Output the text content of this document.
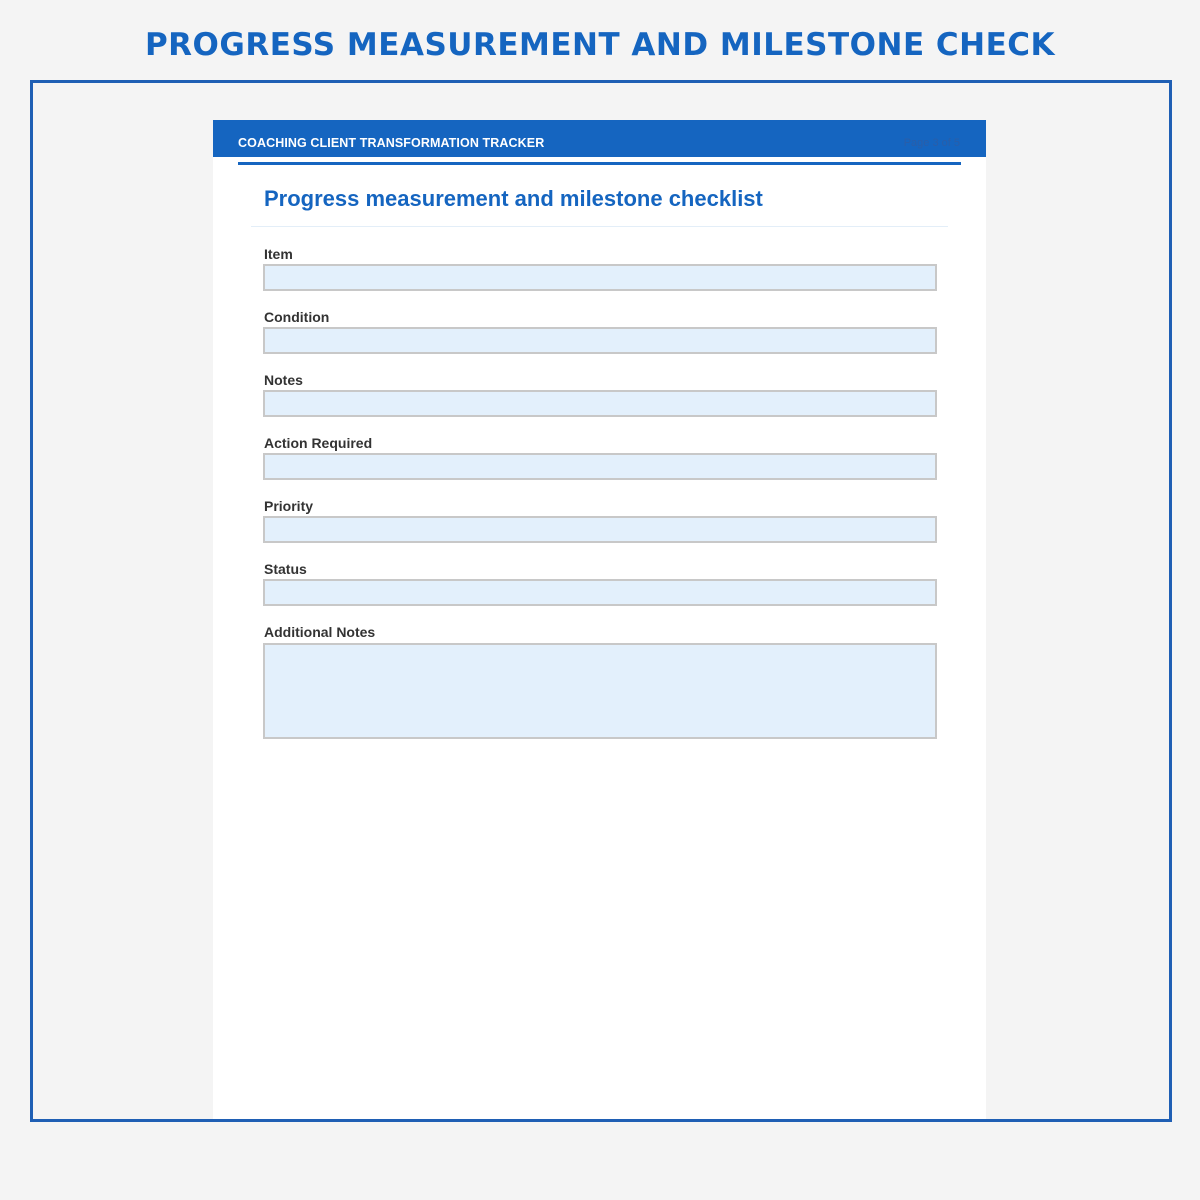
PROGRESS MEASUREMENT AND MILESTONE CHECK
COACHING CLIENT TRANSFORMATION TRACKER	Page 3 of 5
Progress measurement and milestone checklist
Item
Condition
Notes
Action Required
Priority
Status
Additional Notes
